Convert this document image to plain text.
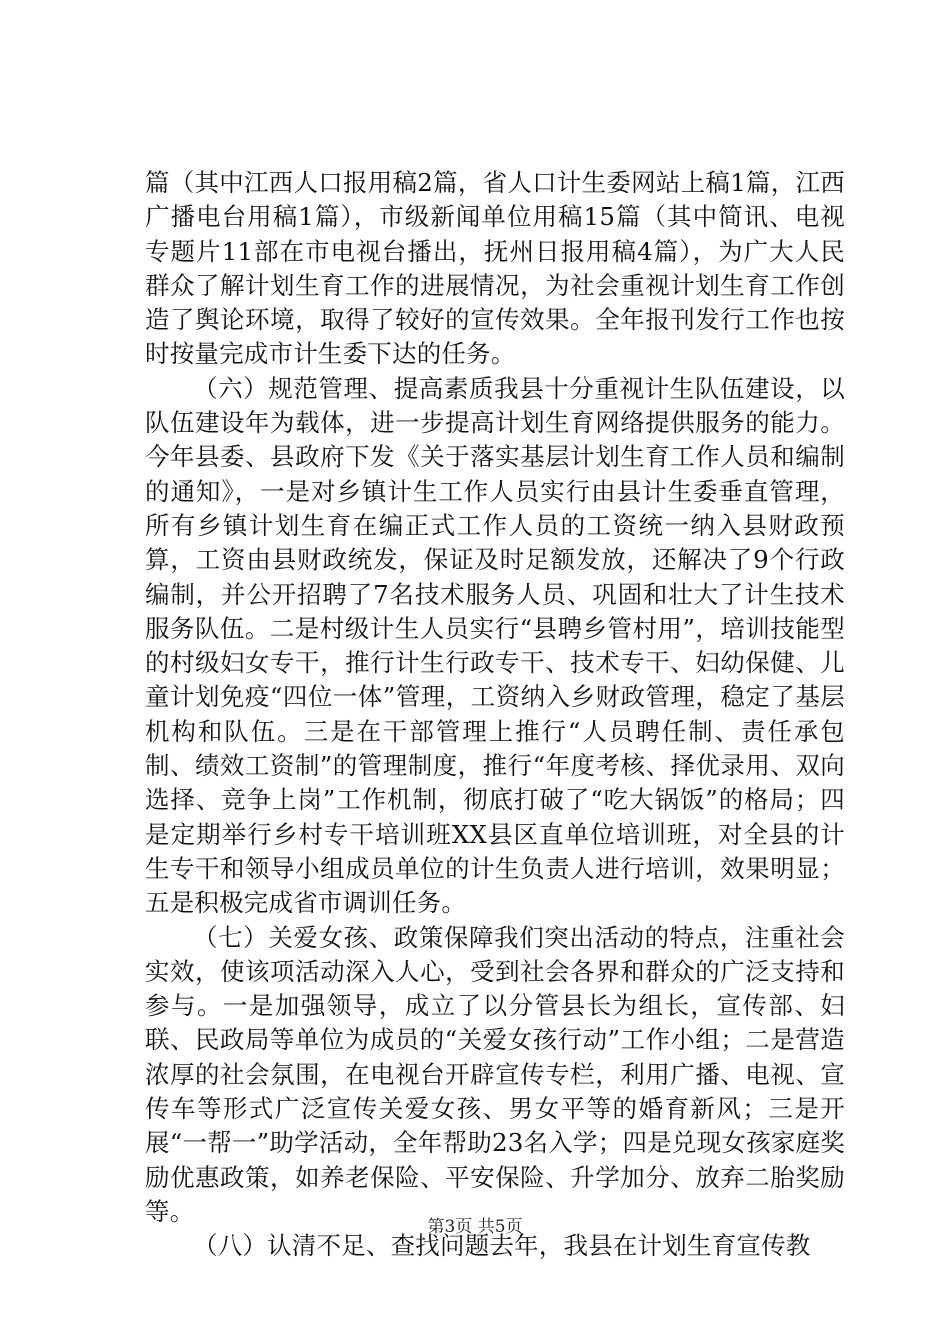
篇（其中江西人口报用稿2篇，省人口计生委网站上稿1篇，江西广播电台用稿1篇），市级新闻单位用稿15篇（其中简讯、电视专题片11部在市电视台播出，抚州日报用稿4篇），为广大人民群众了解计划生育工作的进展情况，为社会重视计划生育工作创造了舆论环境，取得了较好的宣传效果。全年报刊发行工作也按时按量完成市计生委下达的任务。

（六）规范管理、提高素质我县十分重视计生队伍建设，以队伍建设年为载体，进一步提高计划生育网络提供服务的能力。今年县委、县政府下发《关于落实基层计划生育工作人员和编制的通知》，一是对乡镇计生工作人员实行由县计生委垂直管理，所有乡镇计划生育在编正式工作人员的工资统一纳入县财政预算，工资由县财政统发，保证及时足额发放，还解决了9个行政编制，并公开招聘了7名技术服务人员、巩固和壮大了计生技术服务队伍。二是村级计生人员实行“县聘乡管村用”，培训技能型的村级妇女专干，推行计生行政专干、技术专干、妇幼保健、儿童计划免疫“四位一体”管理，工资纳入乡财政管理，稳定了基层机构和队伍。三是在干部管理上推行“人员聘任制、责任承包制、绩效工资制”的管理制度，推行“年度考核、择优录用、双向选择、竞争上岗”工作机制，彻底打破了“吃大锅饭”的格局；四是定期举行乡村专干培训班XX县区直单位培训班，对全县的计生专干和领导小组成员单位的计生负责人进行培训，效果明显；五是积极完成省市调训任务。

（七）关爱女孩、政策保障我们突出活动的特点，注重社会实效，使该项活动深入人心，受到社会各界和群众的广泛支持和参与。一是加强领导，成立了以分管县长为组长，宣传部、妇联、民政局等单位为成员的“关爱女孩行动”工作小组；二是营造浓厚的社会氛围，在电视台开辟宣传专栏，利用广播、电视、宣传车等形式广泛宣传关爱女孩、男女平等的婚育新风；三是开展“一帮一”助学活动，全年帮助23名入学；四是兑现女孩家庭奖励优惠政策，如养老保险、平安保险、升学加分、放弃二胎奖励等。

（八）认清不足、查找问题去年，我县在计划生育宣传教

第3页 共5页
